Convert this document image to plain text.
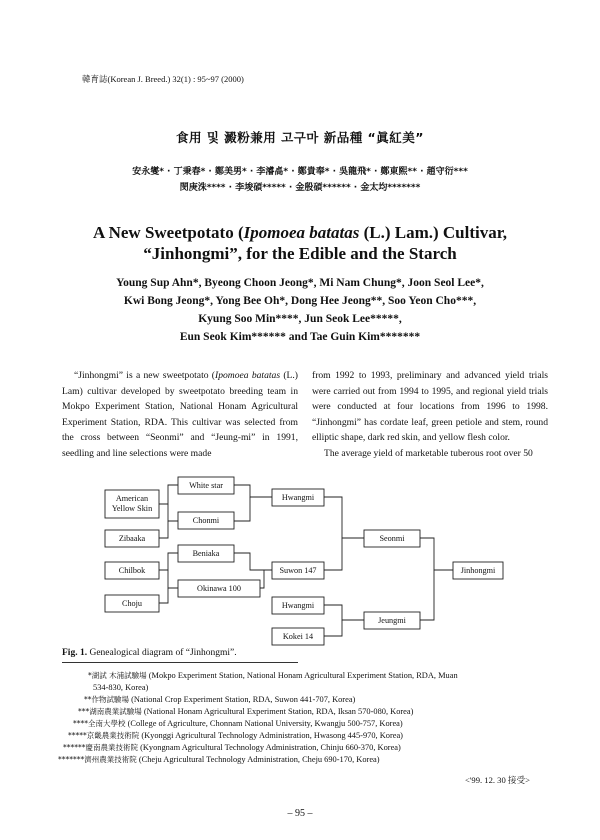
韓育誌(Korean J. Breed.) 32(1) : 95~97 (2000)
食用 및 澱粉兼用 고구마 新品種 “眞紅美”
安永燮* · 丁秉春* · 鄭美男* · 李濬卨* · 鄭貴奉* · 吳龍飛* · 鄭東熙** · 趙守衍***
閔庚洙**** · 李埈碩***** · 金殷碩****** · 金太均*******
A New Sweetpotato (Ipomoea batatas (L.) Lam.) Cultivar,
“Jinhongmi”, for the Edible and the Starch
Young Sup Ahn*, Byeong Choon Jeong*, Mi Nam Chung*, Joon Seol Lee*,
Kwi Bong Jeong*, Yong Bee Oh*, Dong Hee Jeong**, Soo Yeon Cho***,
Kyung Soo Min****, Jun Seok Lee*****,
Eun Seok Kim****** and Tae Guin Kim*******

“Jinhongmi” is a new sweetpotato (Ipomoea batatas (L.) Lam) cultivar developed by sweetpotato breeding team in Mokpo Experiment Station, National Honam Agricultural Experiment Station, RDA. This cultivar was selected from the cross between “Seonmi” and “Jeung-mi” in 1991, seedling and line selections were made

from 1992 to 1993, preliminary and advanced yield trials were carried out from 1994 to 1995, and regional yield trials were conducted at four locations from 1996 to 1998. “Jinhongmi” has cordate leaf, green petiole and stem, round elliptic shape, dark red skin, and yellow flesh color.

The average yield of marketable tuberous root over 50

American
Yellow Skin
Zibaaka
Chilbok
Choju
White star
Chonmi
Beniaka
Okinawa 100
Hwangmi
Suwon 147
Hwangmi
Kokei 14
Seonmi
Jeungmi
Jinhongmi
Fig. 1. Genealogical diagram of “Jinhongmi”.
*湖試 木浦試驗場 (Mokpo Experiment Station, National Honam Agricultural Experiment Station, RDA, Muan
534-830, Korea)
**作物試驗場 (National Crop Experiment Station, RDA, Suwon 441-707, Korea)
***湖南農業試驗場 (National Honam Agricultural Experiment Station, RDA, Iksan 570-080, Korea)
****全南大學校 (College of Agriculture, Chonnam National University, Kwangju 500-757, Korea)
*****京畿農業技術院 (Kyonggi Agricultural Technology Administration, Hwasong 445-970, Korea)
******慶南農業技術院 (Kyongnam Agricultural Technology Administration, Chinju 660-370, Korea)
*******濟州農業技術院 (Cheju Agricultural Technology Administration, Cheju 690-170, Korea)
<'99. 12. 30 接受>
– 95 –
